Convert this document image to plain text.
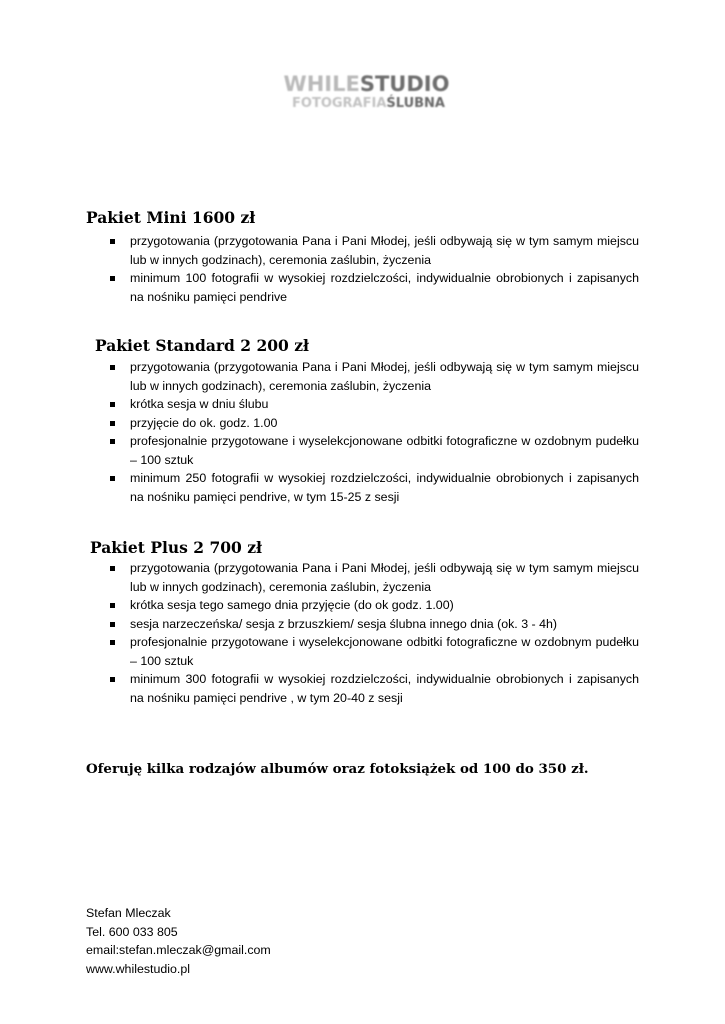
WHILESTUDIO
FOTOGRAFIAŚLUBNA
Pakiet Mini 1600 zł
przygotowania (przygotowania Pana i Pani Młodej, jeśli odbywają się w tym samym miejscu lub w innych godzinach), ceremonia zaślubin, życzenia
minimum 100 fotografii w wysokiej rozdzielczości, indywidualnie obrobionych i zapisanych na nośniku pamięci pendrive
Pakiet Standard 2 200 zł
przygotowania (przygotowania Pana i Pani Młodej, jeśli odbywają się w tym samym miejscu lub w innych godzinach), ceremonia zaślubin, życzenia
krótka sesja w dniu ślubu
przyjęcie do ok. godz. 1.00
profesjonalnie przygotowane i wyselekcjonowane odbitki fotograficzne w ozdobnym pudełku – 100 sztuk
minimum 250 fotografii w wysokiej rozdzielczości, indywidualnie obrobionych i zapisanych na nośniku pamięci pendrive, w tym 15-25 z sesji
Pakiet Plus 2 700 zł
przygotowania (przygotowania Pana i Pani Młodej, jeśli odbywają się w tym samym miejscu lub w innych godzinach), ceremonia zaślubin, życzenia
krótka sesja tego samego dnia przyjęcie (do ok godz. 1.00)
sesja narzeczeńska/ sesja z brzuszkiem/ sesja ślubna innego dnia (ok. 3 - 4h)
profesjonalnie przygotowane i wyselekcjonowane odbitki fotograficzne w ozdobnym pudełku – 100 sztuk
minimum 300 fotografii w wysokiej rozdzielczości, indywidualnie obrobionych i zapisanych na nośniku pamięci pendrive , w tym 20-40 z sesji
Oferuję kilka rodzajów albumów oraz fotoksiążek od 100 do 350 zł.
Stefan Mleczak
Tel. 600 033 805
email:stefan.mleczak@gmail.com
www.whilestudio.pl
